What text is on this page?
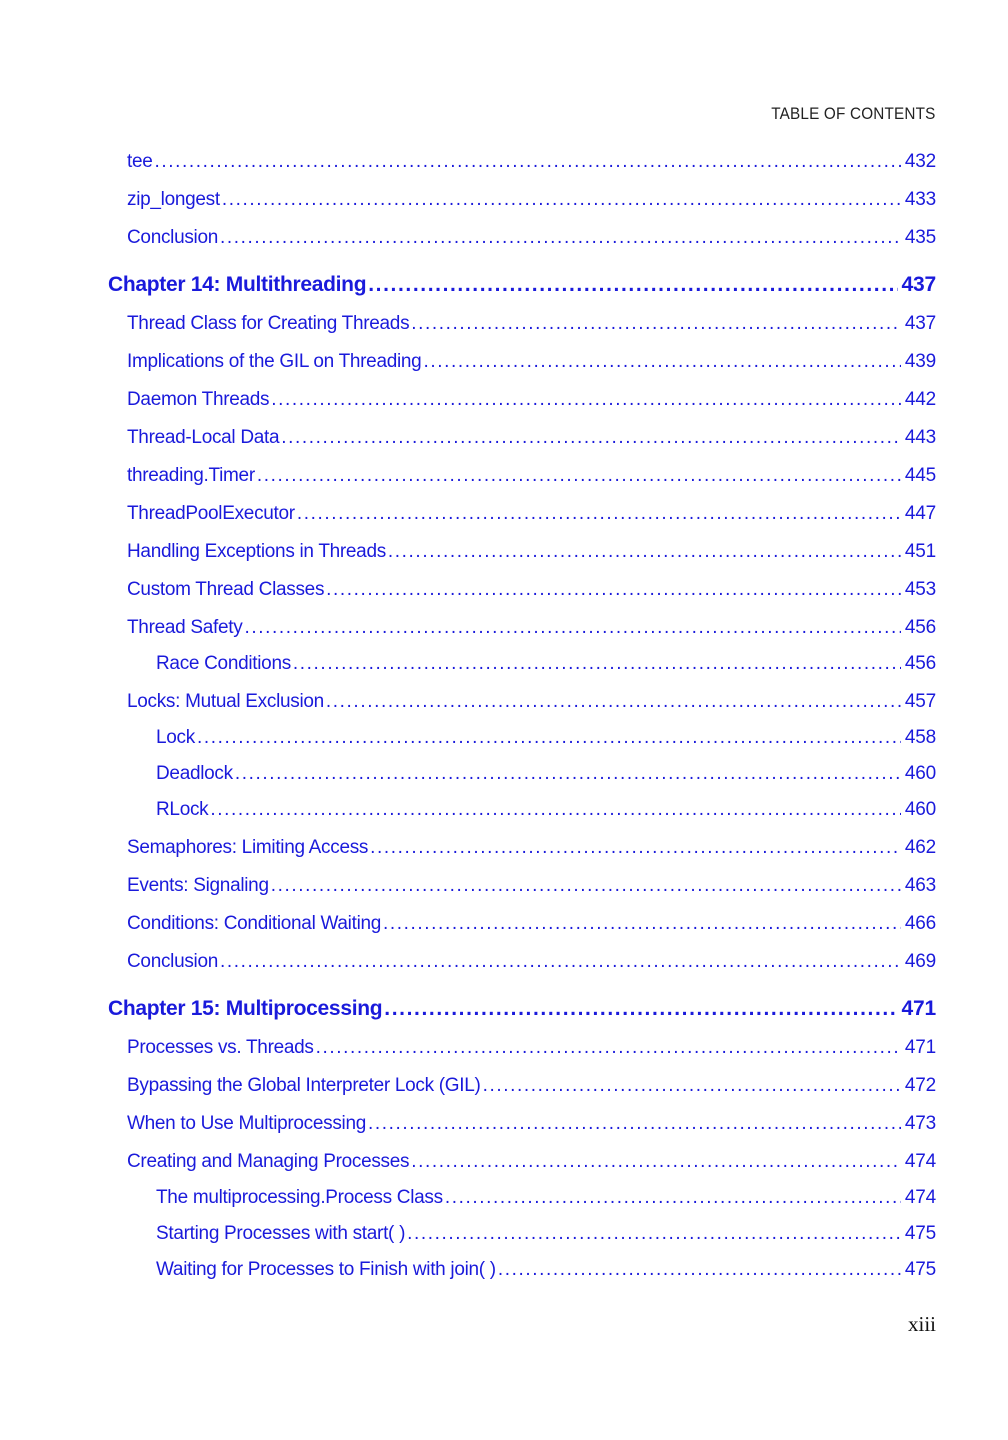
TABLE OF CONTENTS
tee .....	432
zip_longest .....	433
Conclusion .....	435
Chapter 14: Multithreading .....	437
Thread Class for Creating Threads .....	437
Implications of the GIL on Threading .....	439
Daemon Threads .....	442
Thread-Local Data .....	443
threading.Timer .....	445
ThreadPoolExecutor .....	447
Handling Exceptions in Threads .....	451
Custom Thread Classes .....	453
Thread Safety .....	456
Race Conditions .....	456
Locks: Mutual Exclusion .....	457
Lock .....	458
Deadlock .....	460
RLock .....	460
Semaphores: Limiting Access .....	462
Events: Signaling .....	463
Conditions: Conditional Waiting .....	466
Conclusion .....	469
Chapter 15: Multiprocessing .....	471
Processes vs. Threads .....	471
Bypassing the Global Interpreter Lock (GIL) .....	472
When to Use Multiprocessing .....	473
Creating and Managing Processes .....	474
The multiprocessing.Process Class .....	474
Starting Processes with start( ) .....	475
Waiting for Processes to Finish with join( ) .....	475
xiii
